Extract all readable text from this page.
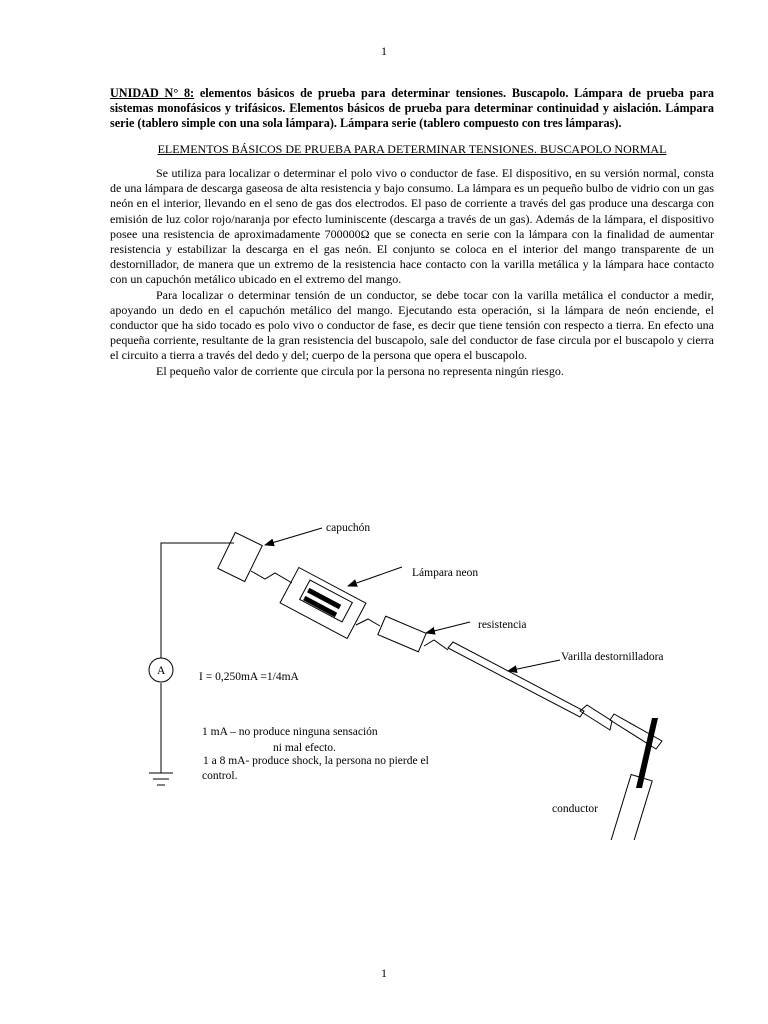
1

UNIDAD N° 8: elementos básicos de prueba para determinar tensiones. Buscapolo. Lámpara de prueba para sistemas monofásicos y trifásicos. Elementos básicos de prueba para determinar continuidad y aislación. Lámpara serie (tablero simple con una sola lámpara). Lámpara serie (tablero compuesto con tres lámparas).

ELEMENTOS BÁSICOS DE PRUEBA PARA DETERMINAR TENSIONES. BUSCAPOLO NORMAL

Se utiliza para localizar o determinar el polo vivo o conductor de fase. El dispositivo, en su versión normal, consta de una lámpara de descarga gaseosa de alta resistencia y bajo consumo. La lámpara es un pequeño bulbo de vidrio con un gas neón en el interior, llevando en el seno de gas dos electrodos. El paso de corriente a través del gas produce una descarga con emisión de luz color rojo/naranja por efecto luminiscente (descarga a través de un gas). Además de la lámpara, el dispositivo posee una resistencia de aproximadamente 700000Ω que se conecta en serie con la lámpara con la finalidad de aumentar resistencia y estabilizar la descarga en el gas neón. El conjunto se coloca en el interior del mango transparente de un destornillador, de manera que un extremo de la resistencia hace contacto con la varilla metálica y la lámpara hace contacto con un capuchón metálico ubicado en el extremo del mango.

Para localizar o determinar tensión de un conductor, se debe tocar con la varilla metálica el conductor a medir, apoyando un dedo en el capuchón metálico del mango. Ejecutando esta operación, si la lámpara de neón enciende, el conductor que ha sido tocado es polo vivo o conductor de fase, es decir que tiene tensión con respecto a tierra. En efecto una pequeña corriente, resultante de la gran resistencia del buscapolo, sale del conductor de fase circula por el buscapolo y cierra el circuito a tierra a través del dedo y del; cuerpo de la persona que opera el buscapolo.

El pequeño valor de corriente que circula por la persona no representa ningún riesgo.

A
capuchón
Lámpara neon
resistencia
Varilla destornilladora
I = 0,250mA =1/4mA
1 mA – no produce ninguna sensación
ni mal efecto.
1 a 8 mA- produce shock, la persona no pierde el
control.
conductor
1
